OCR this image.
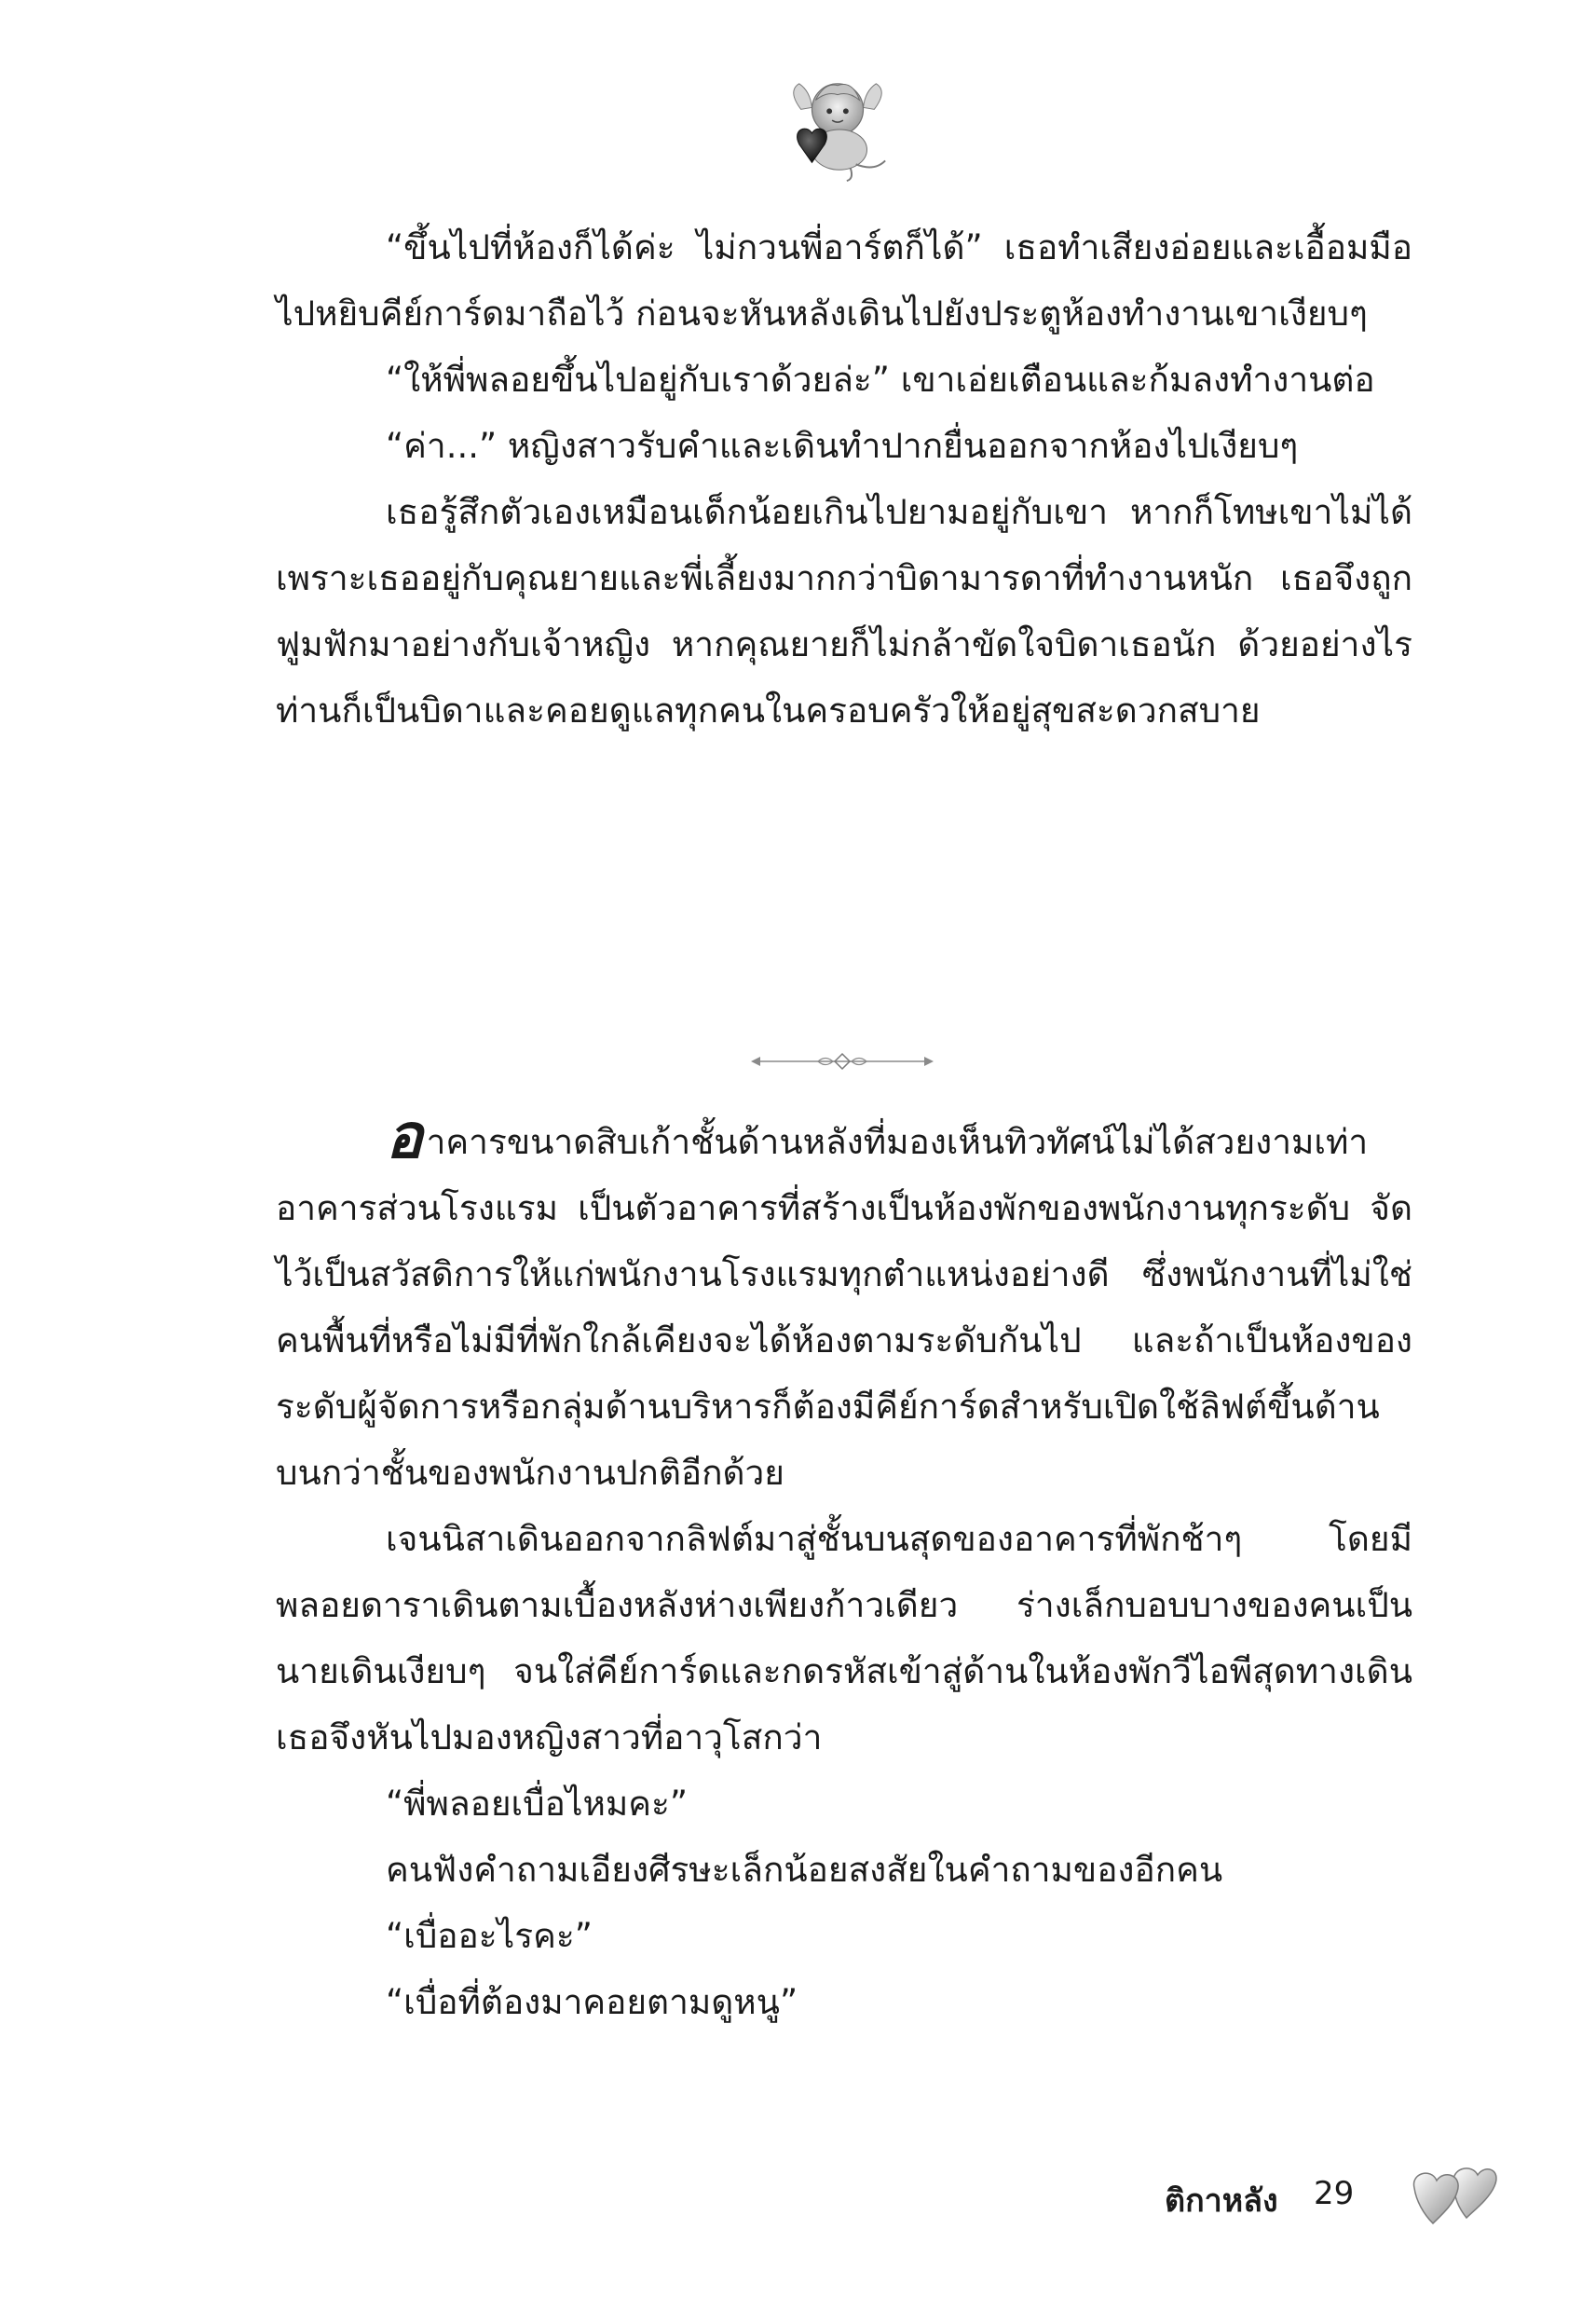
“ขึ้นไปที่ห้องก็ได้ค่ะ ไม่กวนพี่อาร์ตก็ได้” เธอทำเสียงอ่อยและเอื้อมมือไปหยิบคีย์การ์ดมาถือไว้ ก่อนจะหันหลังเดินไปยังประตูห้องทำงานเขาเงียบๆ

“ให้พี่พลอยขึ้นไปอยู่กับเราด้วยล่ะ” เขาเอ่ยเตือนและก้มลงทำงานต่อ

“ค่า...” หญิงสาวรับคำและเดินทำปากยื่นออกจากห้องไปเงียบๆ

เธอรู้สึกตัวเองเหมือนเด็กน้อยเกินไปยามอยู่กับเขา หากก็โทษเขาไม่ได้ เพราะเธออยู่กับคุณยายและพี่เลี้ยงมากกว่าบิดามารดาที่ทำงานหนัก เธอจึงถูกฟูมฟักมาอย่างกับเจ้าหญิง หากคุณยายก็ไม่กล้าขัดใจบิดาเธอนัก ด้วยอย่างไรท่านก็เป็นบิดาและคอยดูแลทุกคนในครอบครัวให้อยู่สุขสะดวกสบาย

อาคารขนาดสิบเก้าชั้นด้านหลังที่มองเห็นทิวทัศน์ไม่ได้สวยงามเท่าอาคารส่วนโรงแรม เป็นตัวอาคารที่สร้างเป็นห้องพักของพนักงานทุกระดับ จัดไว้เป็นสวัสดิการให้แก่พนักงานโรงแรมทุกตำแหน่งอย่างดี ซึ่งพนักงานที่ไม่ใช่คนพื้นที่หรือไม่มีที่พักใกล้เคียงจะได้ห้องตามระดับกันไป และถ้าเป็นห้องของระดับผู้จัดการหรือกลุ่มด้านบริหารก็ต้องมีคีย์การ์ดสำหรับเปิดใช้ลิฟต์ขึ้นด้านบนกว่าชั้นของพนักงานปกติอีกด้วย

เจนนิสาเดินออกจากลิฟต์มาสู่ชั้นบนสุดของอาคารที่พักช้าๆ โดยมีพลอยดาราเดินตามเบื้องหลังห่างเพียงก้าวเดียว ร่างเล็กบอบบางของคนเป็นนายเดินเงียบๆ จนใส่คีย์การ์ดและกดรหัสเข้าสู่ด้านในห้องพักวีไอพีสุดทางเดิน เธอจึงหันไปมองหญิงสาวที่อาวุโสกว่า

“พี่พลอยเบื่อไหมคะ”

คนฟังคำถามเอียงศีรษะเล็กน้อยสงสัยในคำถามของอีกคน

“เบื่ออะไรคะ”

“เบื่อที่ต้องมาคอยตามดูหนู”

ติกาหลัง 29
